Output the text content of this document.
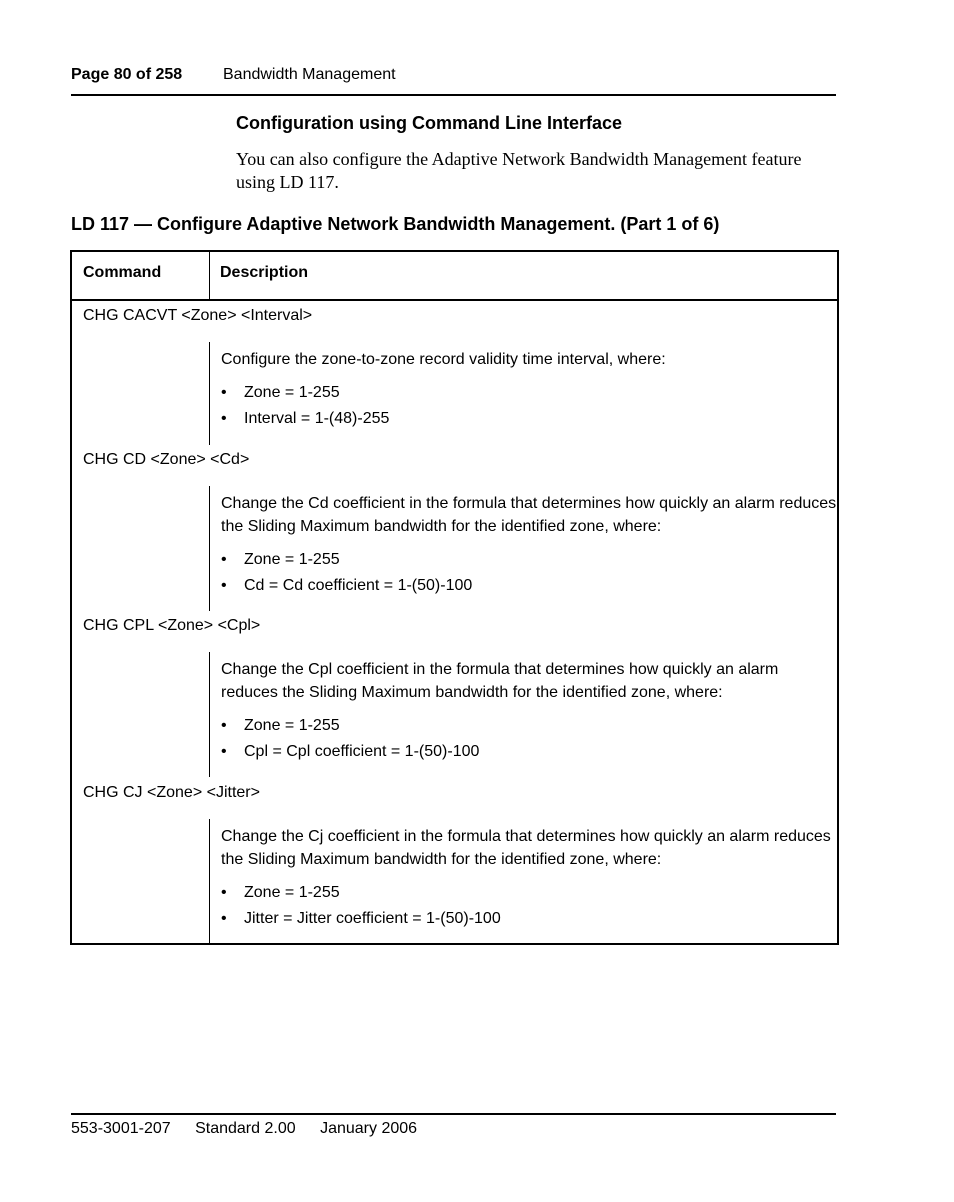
Page 80 of 258	Bandwidth Management
Configuration using Command Line Interface
You can also configure the Adaptive Network Bandwidth Management feature using LD 117.
LD 117 — Configure Adaptive Network Bandwidth Management. (Part 1 of 6)
Command	Description
CHG CACVT <Zone> <Interval>

Configure the zone-to-zone record validity time interval, where:

• Zone = 1-255
• Interval = 1-(48)-255
CHG CD <Zone> <Cd>

Change the Cd coefficient in the formula that determines how quickly an alarm reduces the Sliding Maximum bandwidth for the identified zone, where:

• Zone = 1-255
• Cd = Cd coefficient = 1-(50)-100
CHG CPL <Zone> <Cpl>

Change the Cpl coefficient in the formula that determines how quickly an alarm reduces the Sliding Maximum bandwidth for the identified zone, where:

• Zone = 1-255
• Cpl = Cpl coefficient = 1-(50)-100
CHG CJ <Zone> <Jitter>

Change the Cj coefficient in the formula that determines how quickly an alarm reduces the Sliding Maximum bandwidth for the identified zone, where:

• Zone = 1-255
• Jitter = Jitter coefficient = 1-(50)-100
553-3001-207 Standard 2.00 January 2006
